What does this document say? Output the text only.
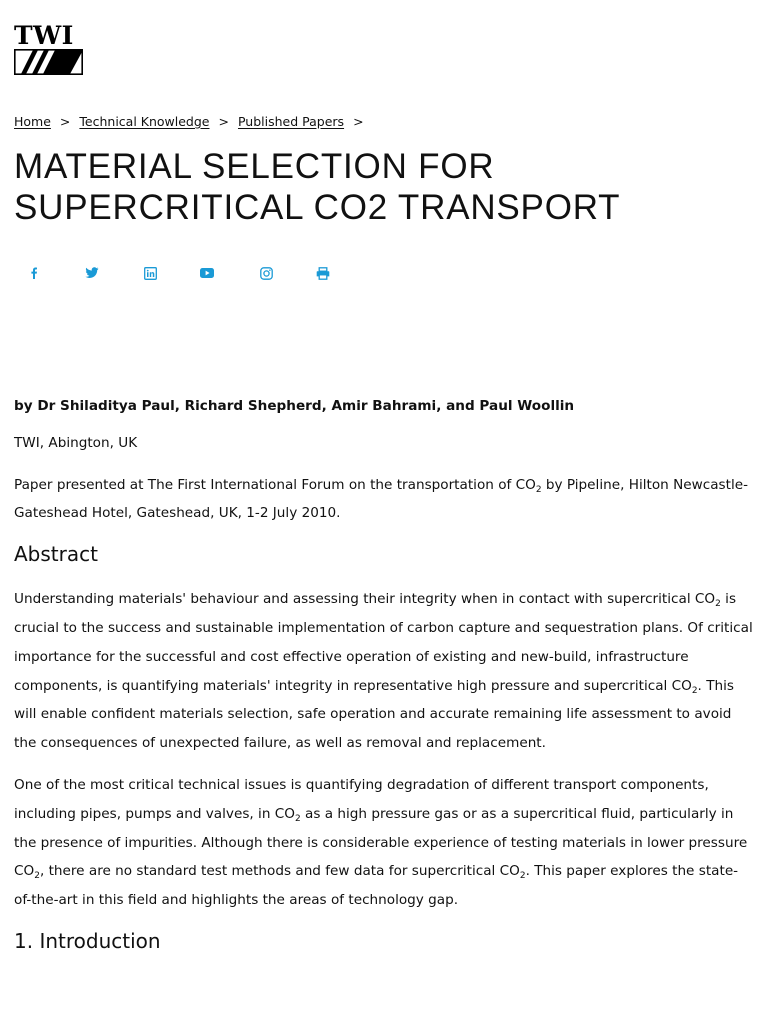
TWI
Home > Technical Knowledge > Published Papers >
MATERIAL SELECTION FOR SUPERCRITICAL CO2 TRANSPORT

by Dr Shiladitya Paul, Richard Shepherd, Amir Bahrami, and Paul Woollin

TWI, Abington, UK

Paper presented at The First International Forum on the transportation of $CO_2$ by Pipeline, Hilton Newcastle-Gateshead Hotel, Gateshead, UK, 1-2 July 2010.

Abstract

Understanding materials' behaviour and assessing their integrity when in contact with supercritical $CO_2$ is crucial to the success and sustainable implementation of carbon capture and sequestration plans. Of critical importance for the successful and cost effective operation of existing and new-build, infrastructure components, is quantifying materials' integrity in representative high pressure and supercritical $CO_2$. This will enable confident materials selection, safe operation and accurate remaining life assessment to avoid the consequences of unexpected failure, as well as removal and replacement.

One of the most critical technical issues is quantifying degradation of different transport components, including pipes, pumps and valves, in $CO_2$ as a high pressure gas or as a supercritical fluid, particularly in the presence of impurities. Although there is considerable experience of testing materials in lower pressure $CO_2$, there are no standard test methods and few data for supercritical $CO_2$. This paper explores the state-of-the-art in this field and highlights the areas of technology gap.

1. Introduction
